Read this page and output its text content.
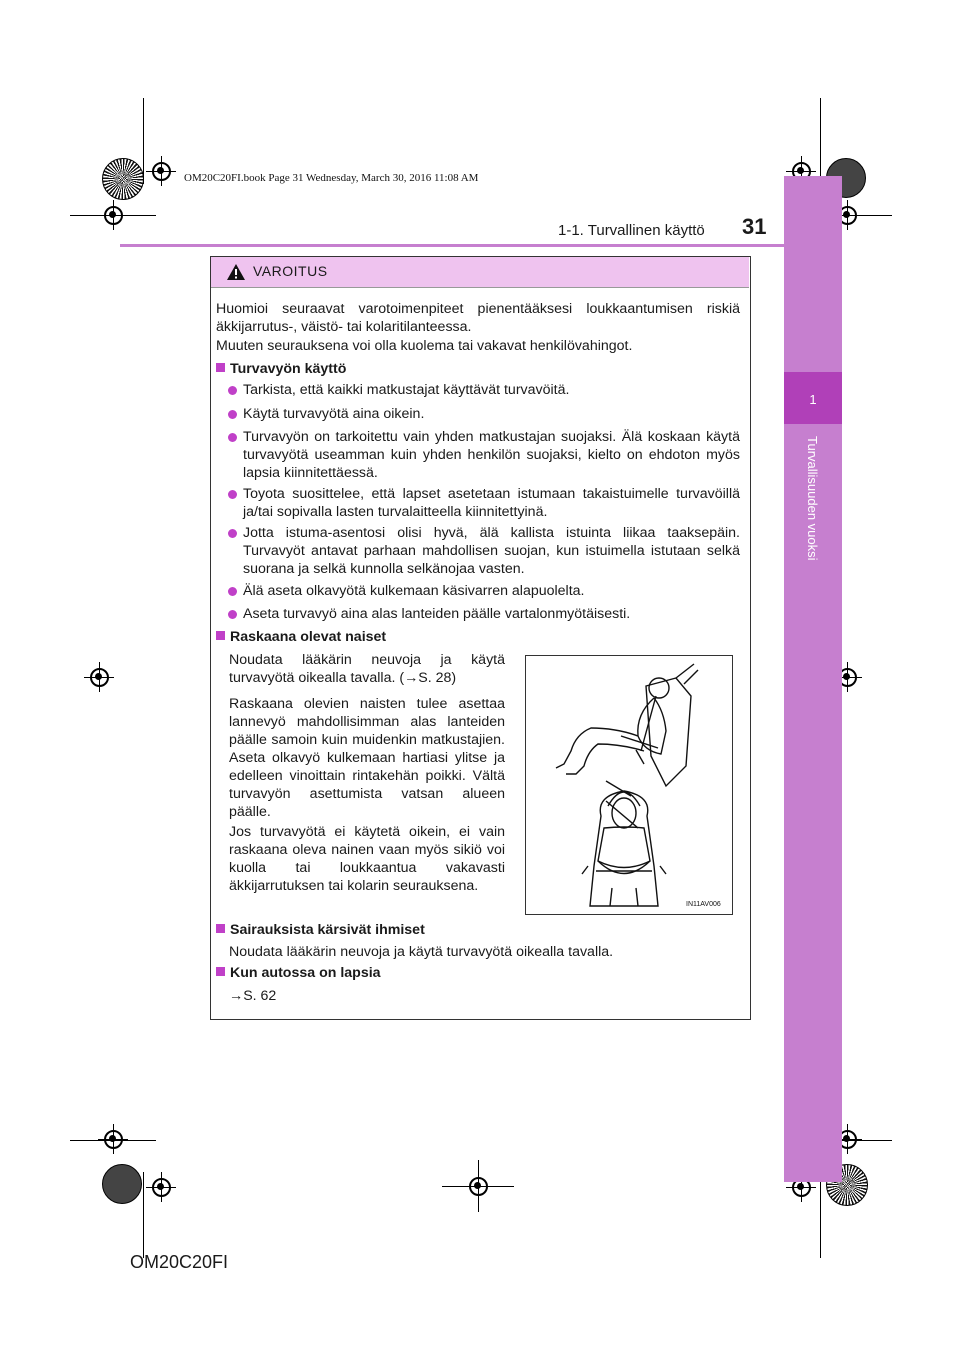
OM20C20FI.book Page 31 Wednesday, March 30, 2016 11:08 AM
1
Turvallisuuden vuoksi
1-1. Turvallinen käyttö 31
VAROITUS
Huomioi seuraavat varotoimenpiteet pienentääksesi loukkaantumisen riskiä äkkijarrutus-, väistö- tai kolaritilanteessa.
Muuten seurauksena voi olla kuolema tai vakavat henkilövahingot.
Turvavyön käyttö
Tarkista, että kaikki matkustajat käyttävät turvavöitä.
Käytä turvavyötä aina oikein.
Turvavyön on tarkoitettu vain yhden matkustajan suojaksi. Älä koskaan käytä turvavyötä useamman kuin yhden henkilön suojaksi, kielto on ehdoton myös lapsia kiinnitettäessä.
Toyota suosittelee, että lapset asetetaan istumaan takaistuimelle turvavöillä ja/tai sopivalla lasten turvalaitteella kiinnitettyinä.
Jotta istuma-asentosi olisi hyvä, älä kallista istuinta liikaa taaksepäin. Turvavyöt antavat parhaan mahdollisen suojan, kun istuimella istutaan selkä suorana ja selkä kunnolla selkänojaa vasten.
Älä aseta olkavyötä kulkemaan käsivarren alapuolelta.
Aseta turvavyö aina alas lanteiden päälle vartalonmyötäisesti.
Raskaana olevat naiset
Noudata lääkärin neuvoja ja käytä turvavyötä oikealla tavalla. (→S. 28)
Raskaana olevien naisten tulee asettaa lannevyö mahdollisimman alas lanteiden päälle samoin kuin muidenkin matkustajien. Aseta olkavyö kulkemaan hartiasi ylitse ja edelleen vinoittain rintakehän poikki. Vältä turvavyön asettumista vatsan alueen päälle.
Jos turvavyötä ei käytetä oikein, ei vain raskaana oleva nainen vaan myös sikiö voi kuolla tai loukkaantua vakavasti äkkijarrutuksen tai kolarin seurauksena.
IN11AV006
Sairauksista kärsivät ihmiset
Noudata lääkärin neuvoja ja käytä turvavyötä oikealla tavalla.
Kun autossa on lapsia
→S. 62
OM20C20FI
